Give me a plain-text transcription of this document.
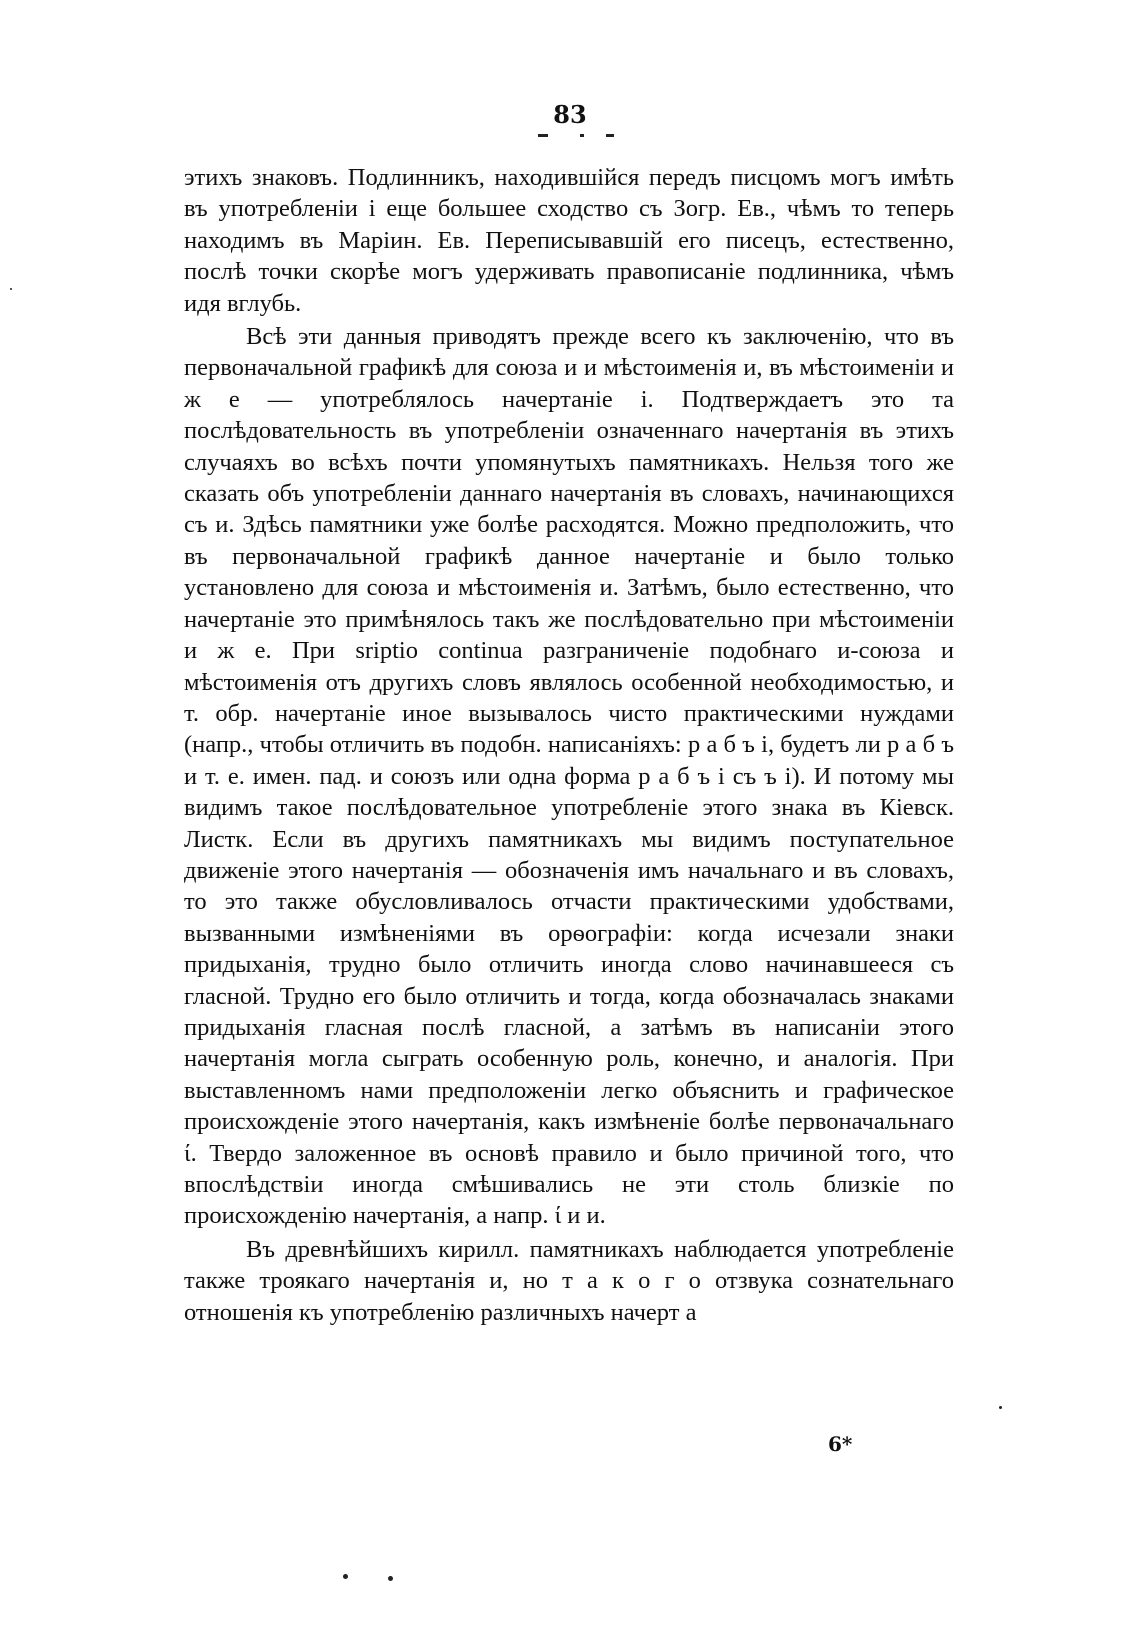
83

этихъ знаковъ. Подлинникъ, находившійся передъ писцомъ могъ имѣть въ употребленіи і еще большее сходство съ Зогр. Ев., чѣмъ то теперь находимъ въ Маріин. Ев. Переписывавшій его писецъ, естественно, послѣ точки скорѣе могъ удерживать правописаніе подлинника, чѣмъ идя вглубь.

Всѣ эти данныя приводятъ прежде всего къ заключенію, что въ первоначальной графикѣ для союза и и мѣстоименія и, въ мѣстоименіи и ж е — употреблялось начертаніе і. Подтверждаетъ это та послѣдовательность въ употребленіи означеннаго начертанія въ этихъ случаяхъ во всѣхъ почти упомянутыхъ памятникахъ. Нельзя того же сказать объ употребленіи даннаго начертанія въ словахъ, начинающихся съ и. Здѣсь памятники уже болѣе расходятся. Можно предположить, что въ первоначальной графикѣ данное начертаніе и было только установлено для союза и мѣстоименія и. Затѣмъ, было естественно, что начертаніе это примѣнялось такъ же послѣдовательно при мѣстоименіи и ж е. При sriptio continua разграниченіе подобнаго и-союза и мѣстоименія отъ другихъ словъ являлось особенной необходимостью, и т. обр. начертаніе иное вызывалось чисто практическими нуждами (напр., чтобы отличить въ подобн. написаніяхъ: р а б ъ і, будетъ ли р а б ъ и т. е. имен. пад. и союзъ или одна форма р а б ъ і съ ъ і). И потому мы видимъ такое послѣдовательное употребленіе этого знака въ Кіевск. Листк. Если въ другихъ памятникахъ мы видимъ поступательное движеніе этого начертанія — обозначенія имъ начальнаго и въ словахъ, то это также обусловливалось отчасти практическими удобствами, вызванными измѣненіями въ орѳографіи: когда исчезали знаки придыханія, трудно было отличить иногда слово начинавшееся съ гласной. Трудно его было отличить и тогда, когда обозначалась знаками придыханія гласная послѣ гласной, а затѣмъ въ написаніи этого начертанія могла сыграть особенную роль, конечно, и аналогія. При выставленномъ нами предположеніи легко объяснить и графическое происхожденіе этого начертанія, какъ измѣненіе болѣе первоначальнаго ί. Твердо заложенное въ основѣ правило и было причиной того, что впослѣдствіи иногда смѣшивались не эти столь близкіе по происхожденію начертанія, а напр. ί и и.

Въ древнѣйшихъ кирилл. памятникахъ наблюдается употребленіе также троякаго начертанія и, но т а к о г о отзвука сознательнаго отношенія къ употребленію различныхъ начерт а

6*
